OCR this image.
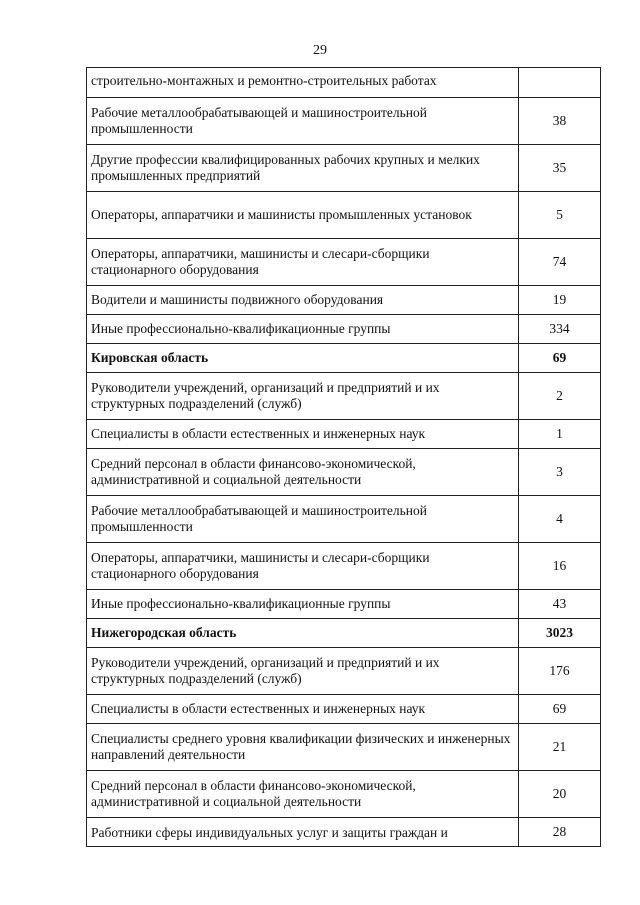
29
строительно-монтажных и ремонтно-строительных работах	
Рабочие металлообрабатывающей и машиностроительной промышленности	38
Другие профессии квалифицированных рабочих крупных и мелких промышленных предприятий	35
Операторы, аппаратчики и машинисты промышленных установок	5
Операторы, аппаратчики, машинисты и слесари-сборщики стационарного оборудования	74
Водители и машинисты подвижного оборудования	19
Иные профессионально-квалификационные группы	334
Кировская область	69
Руководители учреждений, организаций и предприятий и их структурных подразделений (служб)	2
Специалисты в области естественных и инженерных наук	1
Средний персонал в области финансово-экономической, административной и социальной деятельности	3
Рабочие металлообрабатывающей и машиностроительной промышленности	4
Операторы, аппаратчики, машинисты и слесари-сборщики стационарного оборудования	16
Иные профессионально-квалификационные группы	43
Нижегородская область	3023
Руководители учреждений, организаций и предприятий и их структурных подразделений (служб)	176
Специалисты в области естественных и инженерных наук	69
Специалисты среднего уровня квалификации физических и инженерных направлений деятельности	21
Средний персонал в области финансово-экономической, административной и социальной деятельности	20
Работники сферы индивидуальных услуг и защиты граждан и	28
